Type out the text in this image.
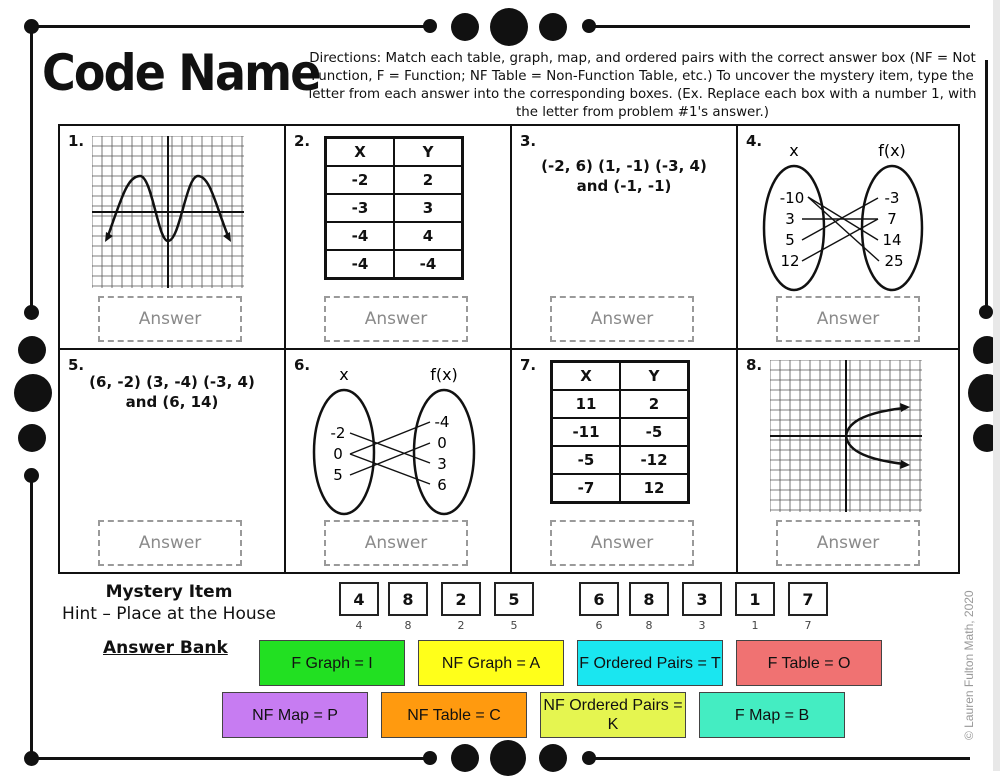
Code Name
Directions: Match each table, graph, map, and ordered pairs with the correct answer box (NF = Not Function, F = Function; NF Table = Non-Function Table, etc.) To uncover the mystery item, type the letter from each answer into the corresponding boxes. (Ex. Replace each box with a number 1, with the letter from problem #1's answer.)
1.
Answer
2.
X	Y
-2	2
-3	3
-4	4
-4	-4
Answer
3.
(-2, 6) (1, -1) (-3, 4)
and (-1, -1)
Answer
4. x	f(x)
-10
3
5
12
-3
7
14
25
Answer
5.
(6, -2) (3, -4) (-3, 4)
and (6, 14)
Answer
6. x	f(x)
-2
0
5
-4
0
3
6
Answer
7.
X	Y
11	2
-11	-5
-5	-12
-7	12
Answer
8.
Answer
Mystery Item
Hint – Place at the House
4	8	2	5	6	8	3	1	7
4	8	2	5	6	8	3	1	7
Answer Bank
F Graph = I	NF Graph = A	F Ordered Pairs = T	F Table = O
NF Map = P	NF Table = C
NF Ordered Pairs = K
F Map = B	© Lauren Fulton Math, 2020
